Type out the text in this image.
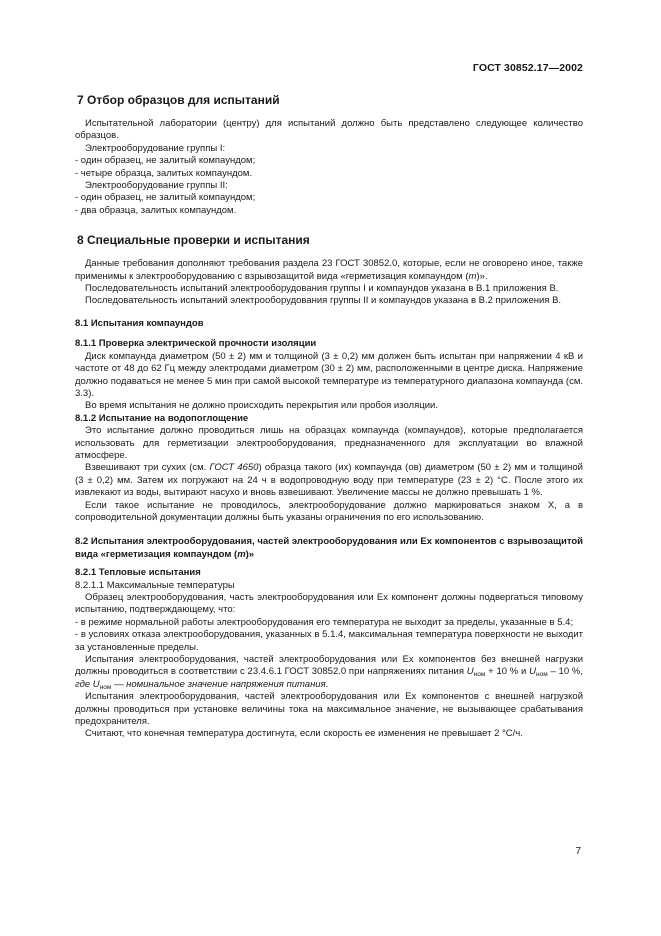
ГОСТ 30852.17—2002
7 Отбор образцов для испытаний

Испытательной лаборатории (центру) для испытаний должно быть представлено следующее количество образцов.

Электрооборудование группы I:

- один образец, не залитый компаундом;

- четыре образца, залитых компаундом.

Электрооборудование группы II:

- один образец, не залитый компаундом;

- два образца, залитых компаундом.

8 Специальные проверки и испытания

Данные требования дополняют требования раздела 23 ГОСТ 30852.0, которые, если не оговорено иное, также применимы к электрооборудованию с взрывозащитой вида «герметизация компаундом (m)».

Последовательность испытаний электрооборудования группы I и компаундов указана в В.1 приложения В.

Последовательность испытаний электрооборудования группы II и компаундов указана в В.2 приложения В.

8.1 Испытания компаундов
8.1.1 Проверка электрической прочности изоляции

Диск компаунда диаметром (50 ± 2) мм и толщиной (3 ± 0,2) мм должен быть испытан при напряжении 4 кВ и частоте от 48 до 62 Гц между электродами диаметром (30 ± 2) мм, расположенными в центре диска. Напряжение должно подаваться не менее 5 мин при самой высокой температуре из температурного диапазона компаунда (см. 3.3).

Во время испытания не должно происходить перекрытия или пробоя изоляции.

8.1.2 Испытание на водопоглощение

Это испытание должно проводиться лишь на образцах компаунда (компаундов), которые предполагается использовать для герметизации электрооборудования, предназначенного для эксплуатации во влажной атмосфере.

Взвешивают три сухих (см. ГОСТ 4650) образца такого (их) компаунда (ов) диаметром (50 ± 2) мм и толщиной (3 ± 0,2) мм. Затем их погружают на 24 ч в водопроводную воду при температуре (23 ± 2) °С. После этого их извлекают из воды, вытирают насухо и вновь взвешивают. Увеличение массы не должно превышать 1 %.

Если такое испытание не проводилось, электрооборудование должно маркироваться знаком X, а в сопроводительной документации должны быть указаны ограничения по его использованию.

8.2 Испытания электрооборудования, частей электрооборудования или Ex компонентов с взрывозащитой вида «герметизация компаундом (m)»
8.2.1 Тепловые испытания

8.2.1.1 Максимальные температуры

Образец электрооборудования, часть электрооборудования или Ex компонент должны подвергаться типовому испытанию, подтверждающему, что:

- в режиме нормальной работы электрооборудования его температура не выходит за пределы, указанные в 5.4;

- в условиях отказа электрооборудования, указанных в 5.1.4, максимальная температура поверхности не выходит за установленные пределы.

Испытания электрооборудования, частей электрооборудования или Ex компонентов без внешней нагрузки должны проводиться в соответствии с 23.4.6.1 ГОСТ 30852.0 при напряжениях питания $U_{ном} + 10$ % и $U_{ном} - 10$ %, где $U_{ном}$ — номинальное значение напряжения питания.

Испытания электрооборудования, частей электрооборудования или Ex компонентов с внешней нагрузкой должны проводиться при установке величины тока на максимальное значение, не вызывающее срабатывания предохранителя.

Считают, что конечная температура достигнута, если скорость ее изменения не превышает 2 °С/ч.

7
